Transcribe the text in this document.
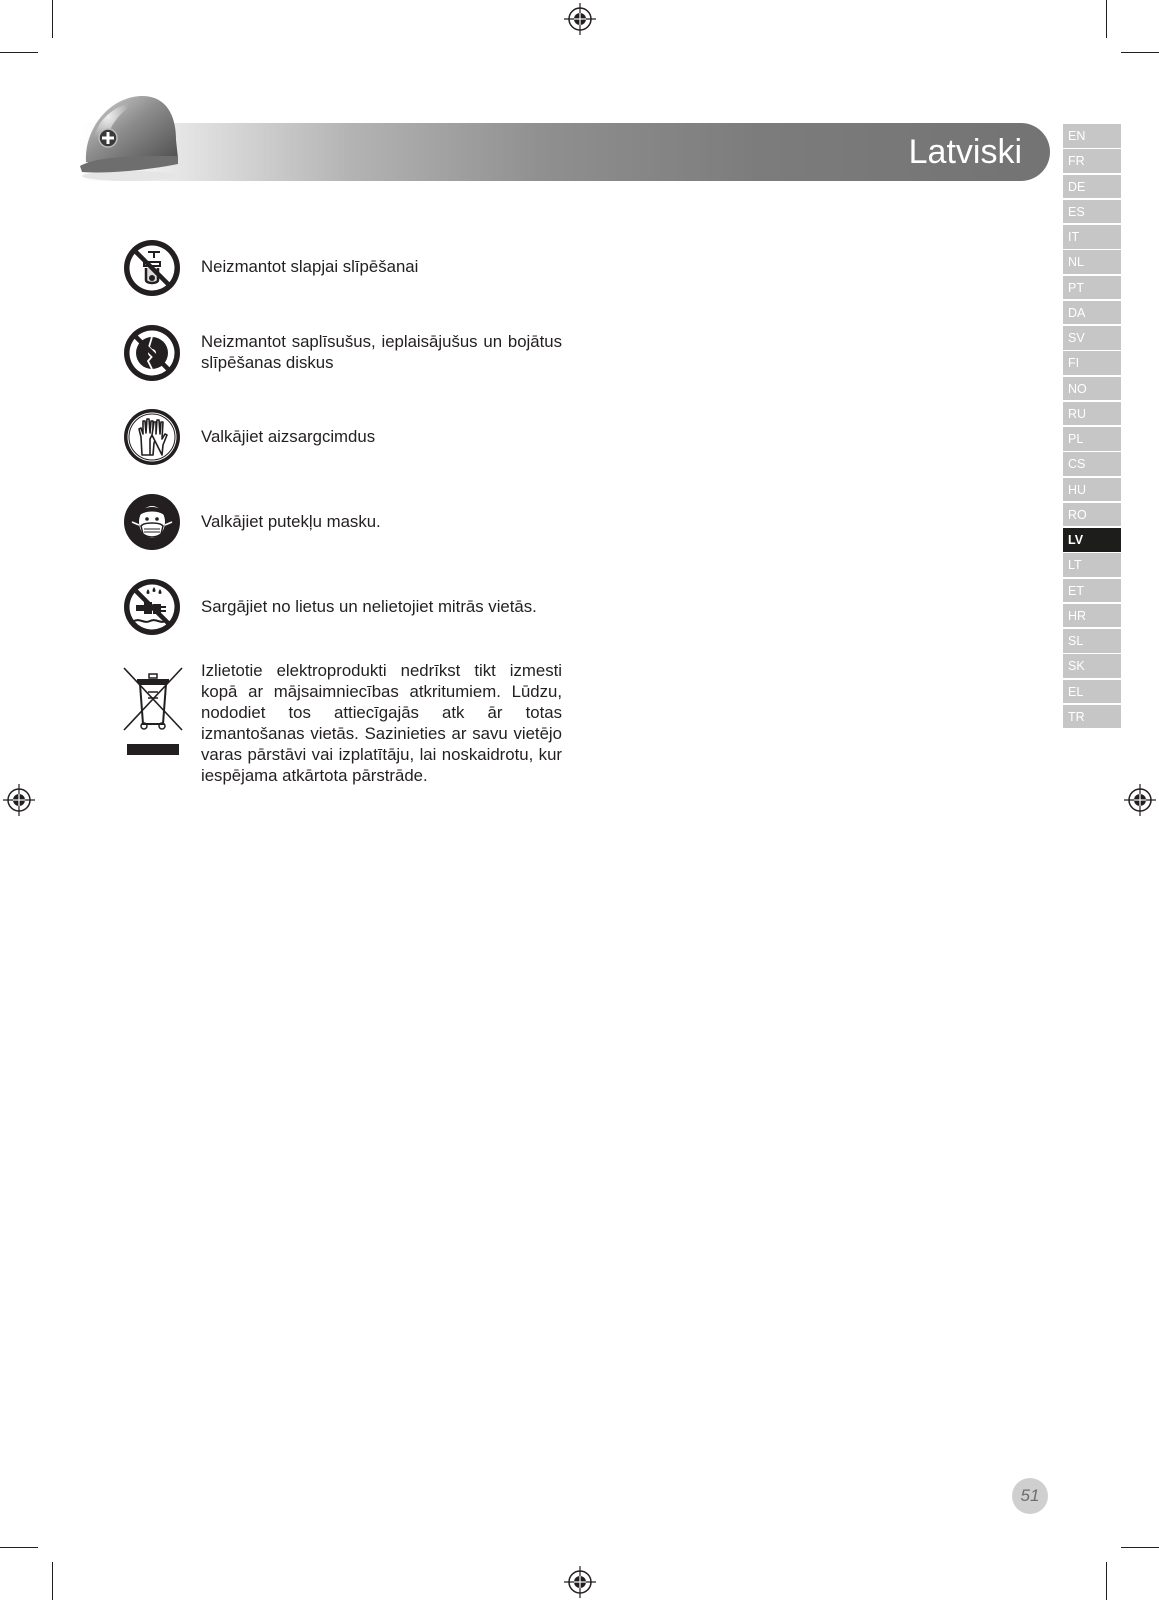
Latviski	EN
FR
DE
ES
IT
NL
PT
DA
SV
FI
NO
RU
PL
CS
HU
RO
LV
LT
ET
HR
SL
SK
EL
TR
Neizmantot slapjai slīpēšanai
Neizmantot saplīsušus, ieplaisājušus un bojātus slīpēšanas diskus
Valkājiet aizsargcimdus
Valkājiet putekļu masku.
Sargājiet no lietus un nelietojiet mitrās vietās.
Izlietotie elektroprodukti nedrīkst tikt izmesti kopā ar mājsaimniecības atkritumiem. Lūdzu, nododiet tos attiecīgajās atk ār totas izmantošanas vietās. Sazinieties ar savu vietējo varas pārstāvi vai izplatītāju, lai noskaidrotu, kur iespējama atkārtota pārstrāde.
51
